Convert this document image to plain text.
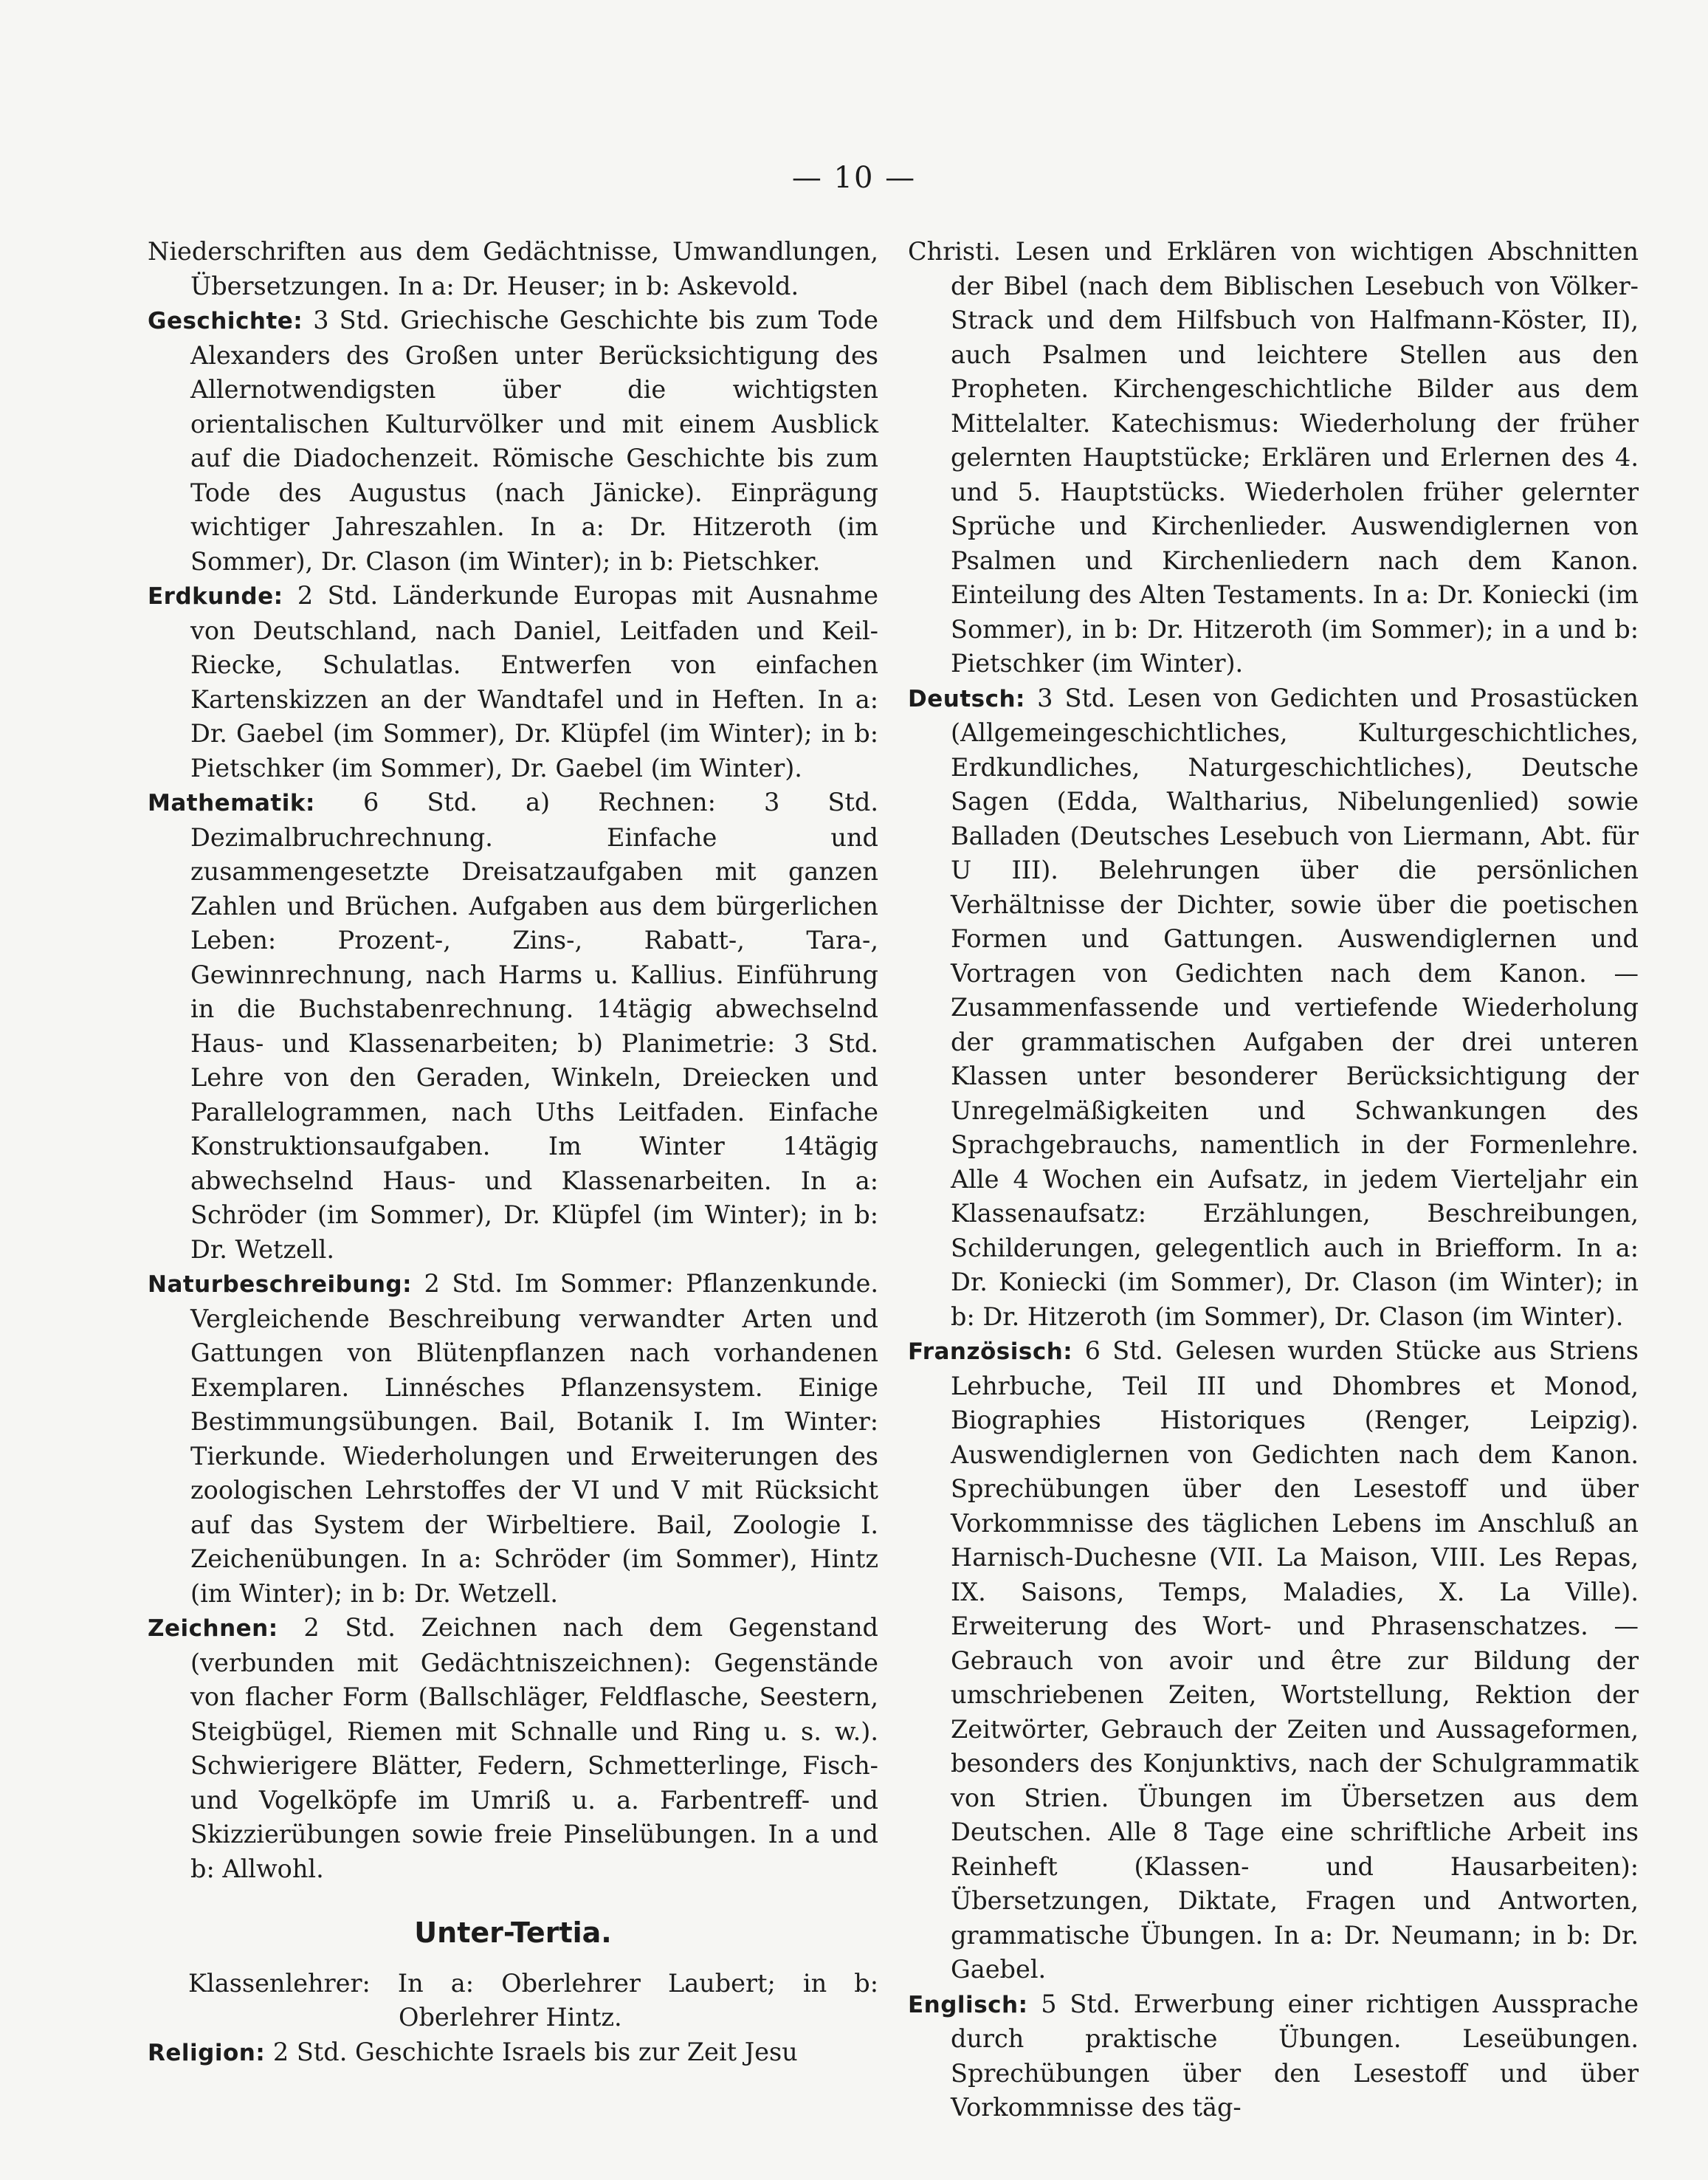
— 10 —

Niederschriften aus dem Gedächtnisse, Umwandlungen, Übersetzungen. In a: Dr. Heuser; in b: Askevold.

Geschichte: 3 Std. Griechische Geschichte bis zum Tode Alexanders des Großen unter Berücksichtigung des Allernotwendigsten über die wichtigsten orientalischen Kulturvölker und mit einem Ausblick auf die Diadochenzeit. Römische Geschichte bis zum Tode des Augustus (nach Jänicke). Einprägung wichtiger Jahreszahlen. In a: Dr. Hitzeroth (im Sommer), Dr. Clason (im Winter); in b: Pietschker.

Erdkunde: 2 Std. Länderkunde Europas mit Ausnahme von Deutschland, nach Daniel, Leitfaden und Keil-Riecke, Schulatlas. Entwerfen von einfachen Kartenskizzen an der Wandtafel und in Heften. In a: Dr. Gaebel (im Sommer), Dr. Klüpfel (im Winter); in b: Pietschker (im Sommer), Dr. Gaebel (im Winter).

Mathematik: 6 Std. a) Rechnen: 3 Std. Dezimalbruchrechnung. Einfache und zusammengesetzte Dreisatzaufgaben mit ganzen Zahlen und Brüchen. Aufgaben aus dem bürgerlichen Leben: Prozent-, Zins-, Rabatt-, Tara-, Gewinnrechnung, nach Harms u. Kallius. Einführung in die Buchstabenrechnung. 14tägig abwechselnd Haus- und Klassenarbeiten; b) Planimetrie: 3 Std. Lehre von den Geraden, Winkeln, Dreiecken und Parallelogrammen, nach Uths Leitfaden. Einfache Konstruktionsaufgaben. Im Winter 14tägig abwechselnd Haus- und Klassenarbeiten. In a: Schröder (im Sommer), Dr. Klüpfel (im Winter); in b: Dr. Wetzell.

Naturbeschreibung: 2 Std. Im Sommer: Pflanzenkunde. Vergleichende Beschreibung verwandter Arten und Gattungen von Blütenpflanzen nach vorhandenen Exemplaren. Linnésches Pflanzensystem. Einige Bestimmungsübungen. Bail, Botanik I. Im Winter: Tierkunde. Wiederholungen und Erweiterungen des zoologischen Lehrstoffes der VI und V mit Rücksicht auf das System der Wirbeltiere. Bail, Zoologie I. Zeichenübungen. In a: Schröder (im Sommer), Hintz (im Winter); in b: Dr. Wetzell.

Zeichnen: 2 Std. Zeichnen nach dem Gegenstand (verbunden mit Gedächtniszeichnen): Gegenstände von flacher Form (Ballschläger, Feldflasche, Seestern, Steigbügel, Riemen mit Schnalle und Ring u. s. w.). Schwierigere Blätter, Federn, Schmetterlinge, Fisch- und Vogelköpfe im Umriß u. a. Farbentreff- und Skizzierübungen sowie freie Pinselübungen. In a und b: Allwohl.

Unter-Tertia.

Klassenlehrer: In a: Oberlehrer Laubert; in b: Oberlehrer Hintz.

Religion: 2 Std. Geschichte Israels bis zur Zeit Jesu

Christi. Lesen und Erklären von wichtigen Abschnitten der Bibel (nach dem Biblischen Lesebuch von Völker-Strack und dem Hilfsbuch von Halfmann-Köster, II), auch Psalmen und leichtere Stellen aus den Propheten. Kirchengeschichtliche Bilder aus dem Mittelalter. Katechismus: Wiederholung der früher gelernten Hauptstücke; Erklären und Erlernen des 4. und 5. Hauptstücks. Wiederholen früher gelernter Sprüche und Kirchenlieder. Auswendiglernen von Psalmen und Kirchenliedern nach dem Kanon. Einteilung des Alten Testaments. In a: Dr. Koniecki (im Sommer), in b: Dr. Hitzeroth (im Sommer); in a und b: Pietschker (im Winter).

Deutsch: 3 Std. Lesen von Gedichten und Prosastücken (Allgemeingeschichtliches, Kulturgeschichtliches, Erdkundliches, Naturgeschichtliches), Deutsche Sagen (Edda, Waltharius, Nibelungenlied) sowie Balladen (Deutsches Lesebuch von Liermann, Abt. für U III). Belehrungen über die persönlichen Verhältnisse der Dichter, sowie über die poetischen Formen und Gattungen. Auswendiglernen und Vortragen von Gedichten nach dem Kanon. — Zusammenfassende und vertiefende Wiederholung der grammatischen Aufgaben der drei unteren Klassen unter besonderer Berücksichtigung der Unregelmäßigkeiten und Schwankungen des Sprachgebrauchs, namentlich in der Formenlehre. Alle 4 Wochen ein Aufsatz, in jedem Vierteljahr ein Klassenaufsatz: Erzählungen, Beschreibungen, Schilderungen, gelegentlich auch in Briefform. In a: Dr. Koniecki (im Sommer), Dr. Clason (im Winter); in b: Dr. Hitzeroth (im Sommer), Dr. Clason (im Winter).

Französisch: 6 Std. Gelesen wurden Stücke aus Striens Lehrbuche, Teil III und Dhombres et Monod, Biographies Historiques (Renger, Leipzig). Auswendiglernen von Gedichten nach dem Kanon. Sprechübungen über den Lesestoff und über Vorkommnisse des täglichen Lebens im Anschluß an Harnisch-Duchesne (VII. La Maison, VIII. Les Repas, IX. Saisons, Temps, Maladies, X. La Ville). Erweiterung des Wort- und Phrasenschatzes. — Gebrauch von avoir und être zur Bildung der umschriebenen Zeiten, Wortstellung, Rektion der Zeitwörter, Gebrauch der Zeiten und Aussageformen, besonders des Konjunktivs, nach der Schulgrammatik von Strien. Übungen im Übersetzen aus dem Deutschen. Alle 8 Tage eine schriftliche Arbeit ins Reinheft (Klassen- und Hausarbeiten): Übersetzungen, Diktate, Fragen und Antworten, grammatische Übungen. In a: Dr. Neumann; in b: Dr. Gaebel.

Englisch: 5 Std. Erwerbung einer richtigen Aussprache durch praktische Übungen. Leseübungen. Sprechübungen über den Lesestoff und über Vorkommnisse des täg-
